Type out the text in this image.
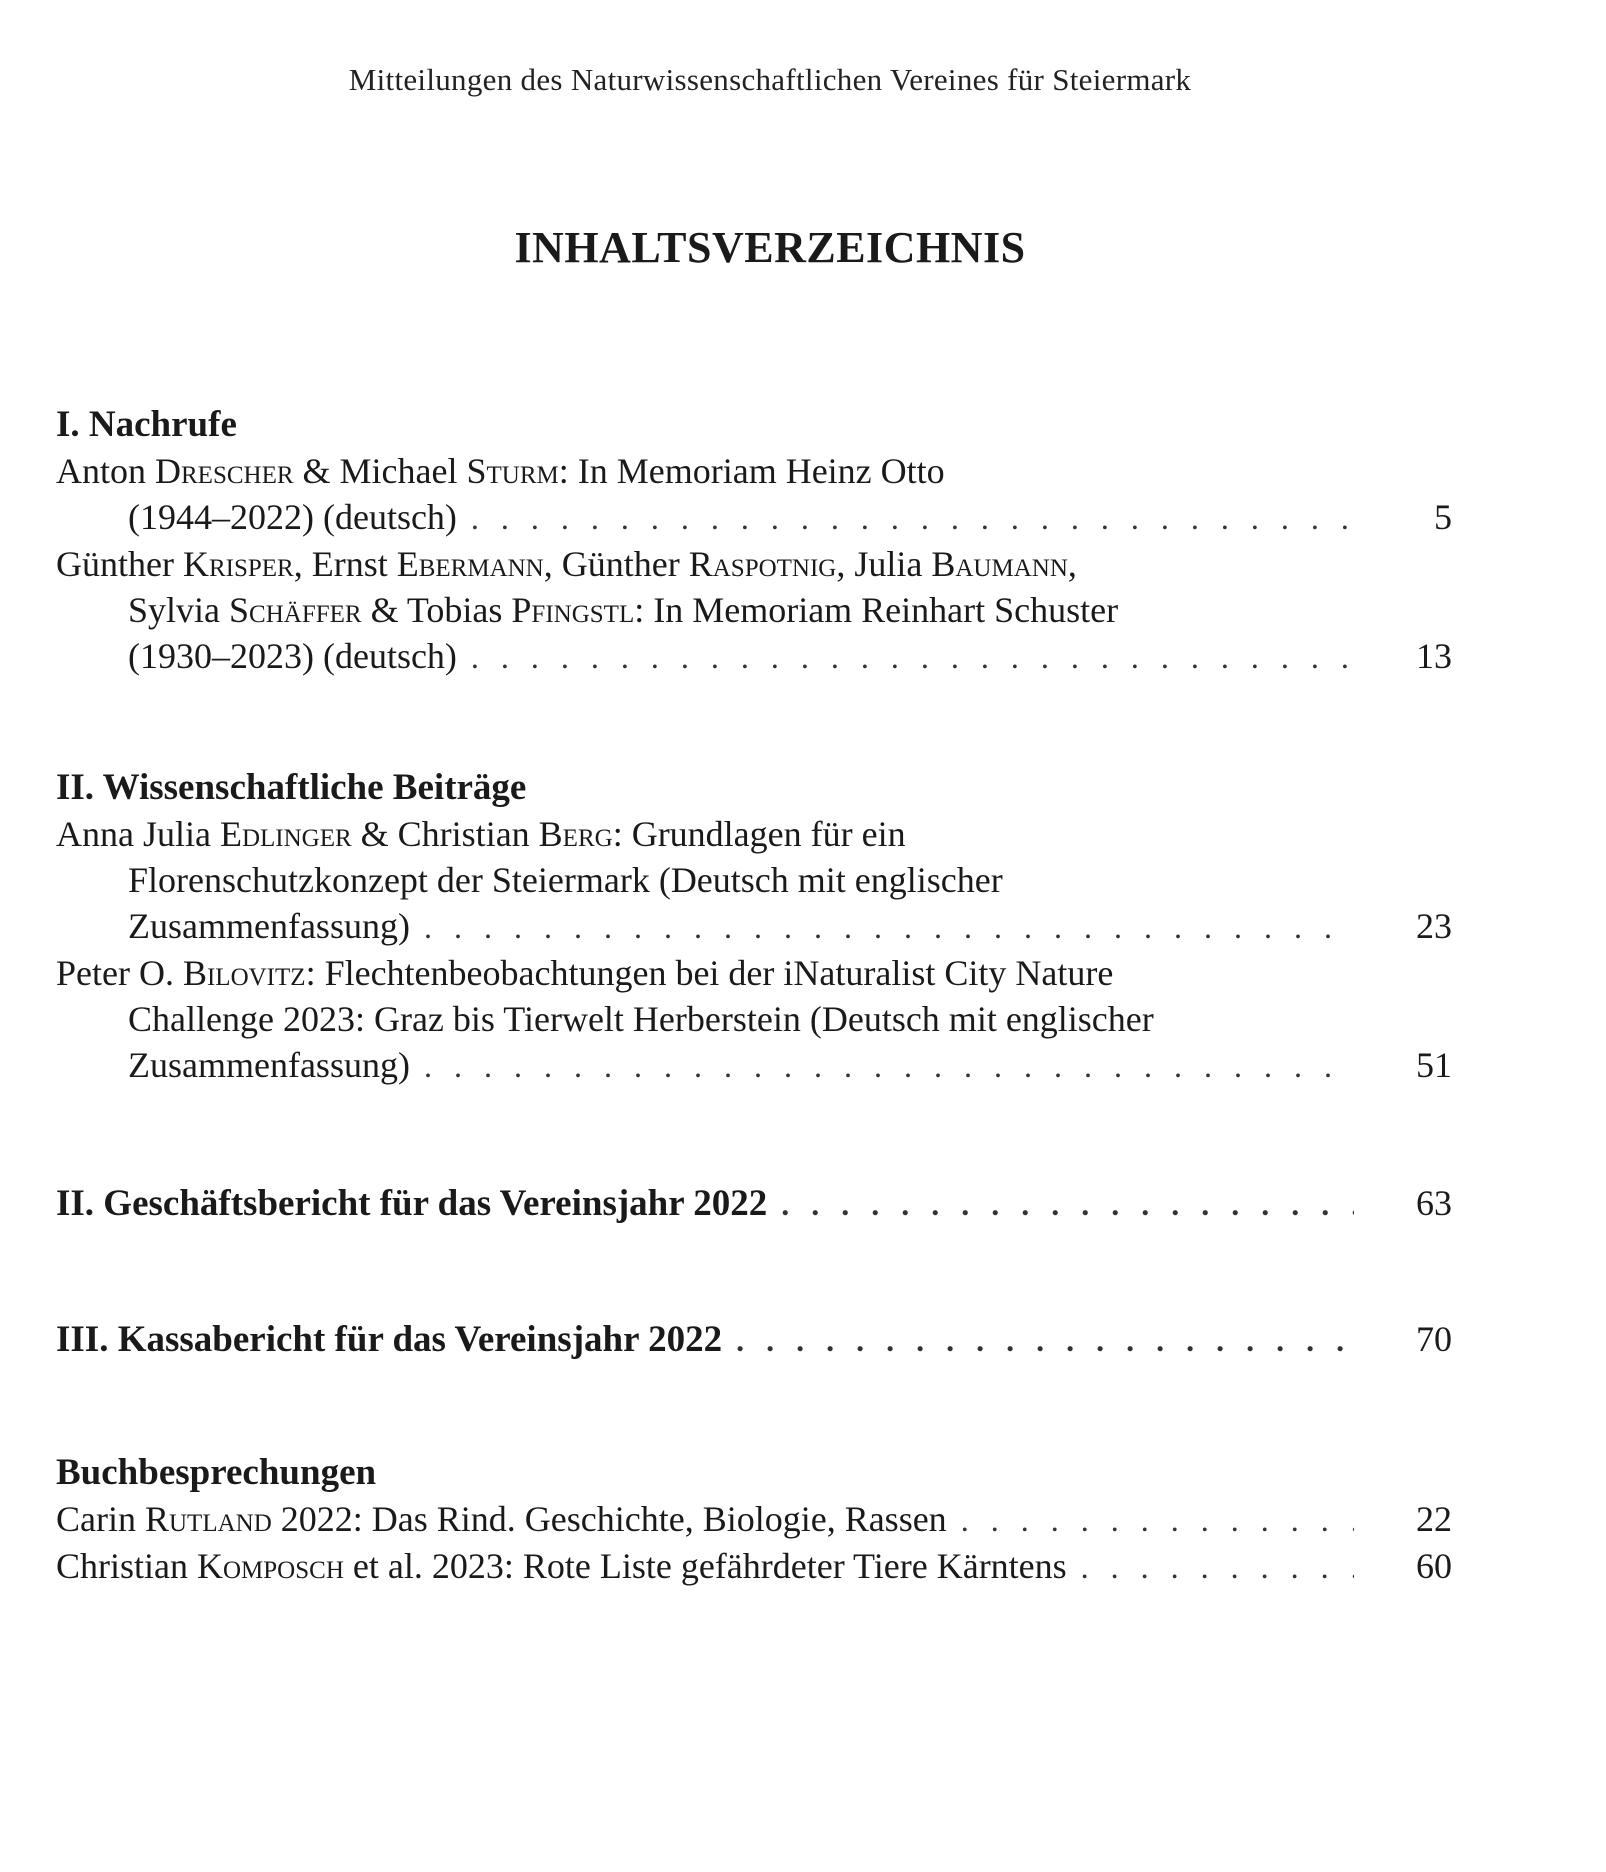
Mitteilungen des Naturwissenschaftlichen Vereines für Steiermark
INHALTSVERZEICHNIS
I. Nachrufe
Anton Drescher & Michael Sturm: In Memoriam Heinz Otto
(1944–2022) (deutsch) . . .	5
Günther Krisper, Ernst Ebermann, Günther Raspotnig, Julia Baumann,
Sylvia Schäffer & Tobias Pfingstl: In Memoriam Reinhart Schuster
(1930–2023) (deutsch) . . .	13
II. Wissenschaftliche Beiträge
Anna Julia Edlinger & Christian Berg: Grundlagen für ein
Florenschutzkonzept der Steiermark (Deutsch mit englischer
Zusammenfassung) . . .	23
Peter O. Bilovitz: Flechtenbeobachtungen bei der iNaturalist City Nature
Challenge 2023: Graz bis Tierwelt Herberstein (Deutsch mit englischer
Zusammenfassung) . . .	51
II. Geschäftsbericht für das Vereinsjahr 2022 . . .	63
III. Kassabericht für das Vereinsjahr 2022 . . .	70
Buchbesprechungen
Carin Rutland 2022: Das Rind. Geschichte, Biologie, Rassen . . .	22
Christian Komposch et al. 2023: Rote Liste gefährdeter Tiere Kärntens . . .	60
